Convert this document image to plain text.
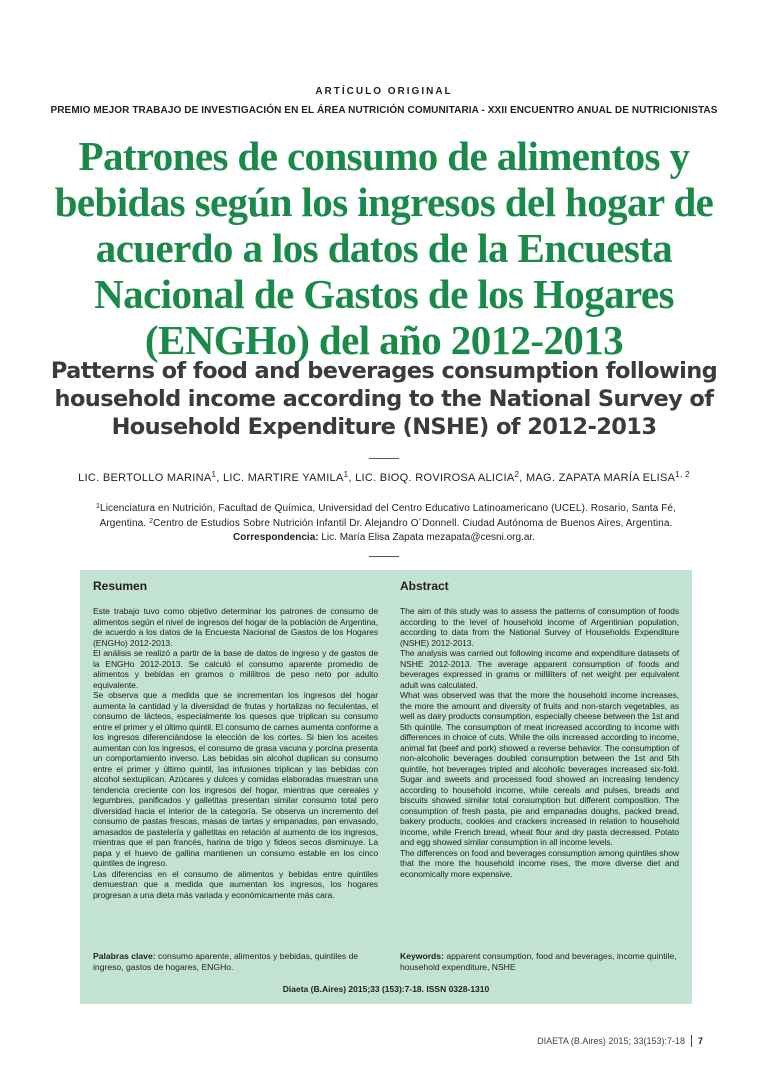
ARTÍCULO ORIGINAL
PREMIO MEJOR TRABAJO DE INVESTIGACIÓN EN EL ÁREA NUTRICIÓN COMUNITARIA - XXII ENCUENTRO ANUAL DE NUTRICIONISTAS
Patrones de consumo de alimentos y bebidas según los ingresos del hogar de acuerdo a los datos de la Encuesta Nacional de Gastos de los Hogares (ENGHo) del año 2012-2013
Patterns of food and beverages consumption following household income according to the National Survey of Household Expenditure (NSHE) of 2012-2013
LIC. BERTOLLO MARINA$^1$, LIC. MARTIRE YAMILA$^1$, LIC. BIOQ. ROVIROSA ALICIA$^2$, MAG. ZAPATA MARÍA ELISA$^{1, 2}$
$^1$Licenciatura en Nutrición, Facultad de Química, Universidad del Centro Educativo Latinoamericano (UCEL). Rosario, Santa Fé, Argentina. $^2$Centro de Estudios Sobre Nutrición Infantil Dr. Alejandro O´Donnell. Ciudad Autónoma de Buenos Aires, Argentina.
Correspondencia: Lic. María Elisa Zapata mezapata@cesni.org.ar.
Resumen	Abstract

Este trabajo tuvo como objetivo determinar los patrones de consumo de alimentos según el nivel de ingresos del hogar de la población de Argentina, de acuerdo a los datos de la Encuesta Nacional de Gastos de los Hogares (ENGHo) 2012-2013.

El análisis se realizó a partir de la base de datos de ingreso y de gastos de la ENGHo 2012-2013. Se calculó el consumo aparente promedio de alimentos y bebidas en gramos o mililitros de peso neto por adulto equivalente.

Se observa que a medida que se incrementan los ingresos del hogar aumenta la cantidad y la diversidad de frutas y hortalizas no feculentas, el consumo de lácteos, especialmente los quesos que triplican su consumo entre el primer y el último quintil. El consumo de carnes aumenta conforme a los ingresos diferenciándose la elección de los cortes. Si bien los aceites aumentan con los ingresos, el consumo de grasa vacuna y porcina presenta un comportamiento inverso. Las bebidas sin alcohol duplican su consumo entre el primer y último quintil, las infusiones triplican y las bebidas con alcohol sextuplican. Azúcares y dulces y comidas elaboradas muestran una tendencia creciente con los ingresos del hogar, mientras que cereales y legumbres, panificados y galletitas presentan similar consumo total pero diversidad hacia el interior de la categoría. Se observa un incremento del consumo de pastas frescas, masas de tartas y empanadas, pan envasado, amasados de pastelería y galletitas en relación al aumento de los ingresos, mientras que el pan francés, harina de trigo y fideos secos disminuye. La papa y el huevo de gallina mantienen un consumo estable en los cinco quintiles de ingreso.

Las diferencias en el consumo de alimentos y bebidas entre quintiles demuestran que a medida que aumentan los ingresos, los hogares progresan a una dieta más variada y económicamente más cara.

The aim of this study was to assess the patterns of consumption of foods according to the level of household income of Argentinian population, according to data from the National Survey of Households Expenditure (NSHE) 2012-2013.

The analysis was carried out following income and expenditure datasets of NSHE 2012-2013. The average apparent consumption of foods and beverages expressed in grams or milliliters of net weight per equivalent adult was calculated.

What was observed was that the more the household income increases, the more the amount and diversity of fruits and non-starch vegetables, as well as dairy products consumption, especially cheese between the 1st and 5th quintile. The consumption of meat increased according to income with differences in choice of cuts. While the oils increased according to income, animal fat (beef and pork) showed a reverse behavior. The consumption of non-alcoholic beverages doubled consumption between the 1st and 5th quintile, hot beverages tripled and alcoholic beverages increased six-fold. Sugar and sweets and processed food showed an increasing tendency according to household income, while cereals and pulses, breads and biscuits showed similar total consumption but different composition. The consumption of fresh pasta, pie and empanadas doughs, packed bread, bakery products, cookies and crackers increased in relation to household income, while French bread, wheat flour and dry pasta decreased. Potato and egg showed similar consumption in all income levels.

The differences on food and beverages consumption among quintiles show that the more the household income rises, the more diverse diet and economically more expensive.

Palabras clave: consumo aparente, alimentos y bebidas, quintiles de ingreso, gastos de hogares, ENGHo.
Keywords: apparent consumption, food and beverages, income quintile, household expenditure, NSHE
Diaeta (B.Aires) 2015;33 (153):7-18. ISSN 0328-1310
DIAETA (B.Aires) 2015; 33(153):7-18 7
